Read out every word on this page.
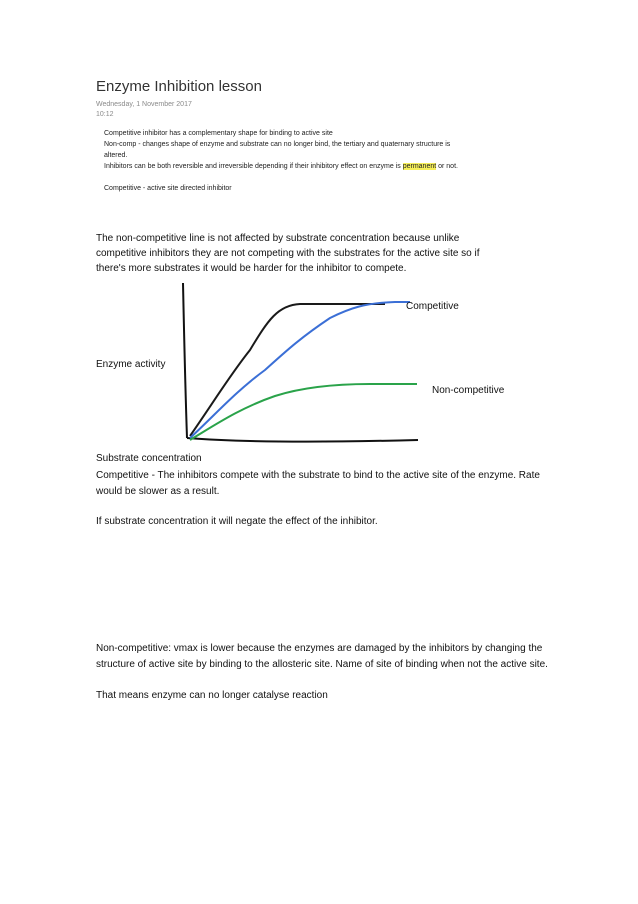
Enzyme Inhibition lesson
Wednesday, 1 November 2017
10:12
Competitive inhibitor has a complementary shape for binding to active site
Non-comp - changes shape of enzyme and substrate can no longer bind, the tertiary and quaternary structure is
altered.
Inhibitors can be both reversible and irreversible depending if their inhibitory effect on enzyme is permanent or not.
Competitive - active site directed inhibitor
The non-competitive line is not affected by substrate concentration because unlike
competitive inhibitors they are not competing with the substrates for the active site so if
there's more substrates it would be harder for the inhibitor to compete.
Enzyme activity
Competitive
Non-competitive
Substrate concentration
Competitive - The inhibitors compete with the substrate to bind to the active site of the enzyme. Rate
would be slower as a result.
If substrate concentration it will negate the effect of the inhibitor.
Non-competitive: vmax is lower because the enzymes are damaged by the inhibitors by changing the
structure of active site by binding to the allosteric site. Name of site of binding when not the active site.
That means enzyme can no longer catalyse reaction
